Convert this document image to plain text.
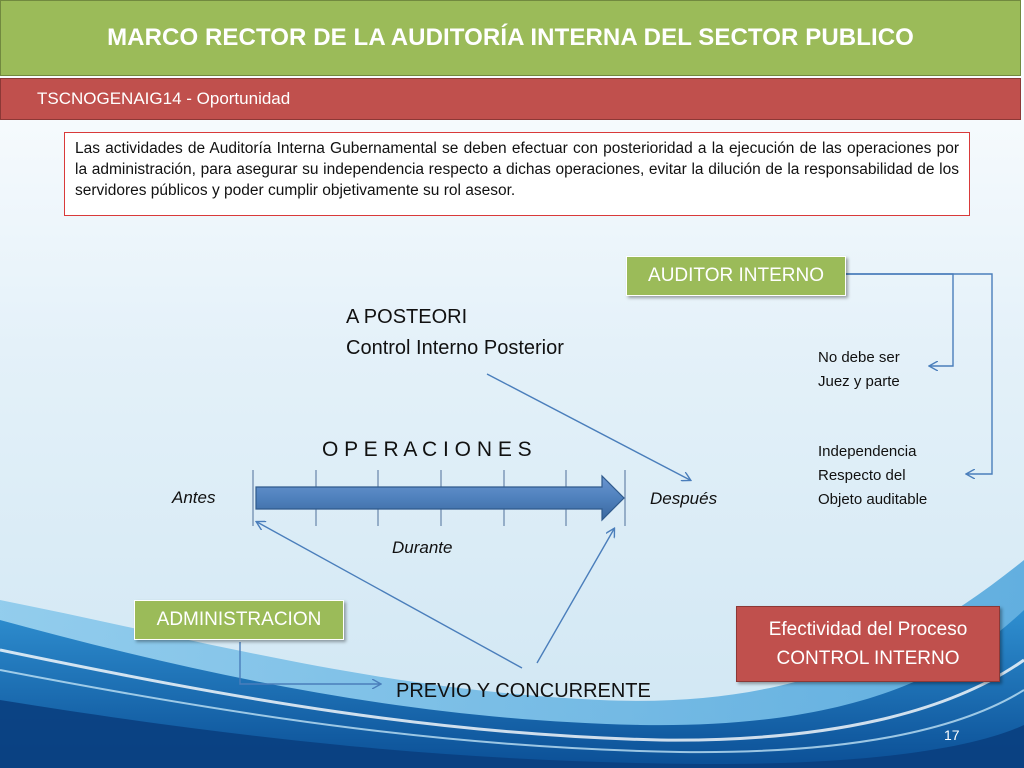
MARCO RECTOR DE LA AUDITORÍA INTERNA DEL SECTOR PUBLICO
TSCNOGENAIG14 - Oportunidad
Las actividades de Auditoría Interna Gubernamental se deben efectuar con posterioridad a la ejecución de las operaciones por la administración, para asegurar su independencia respecto a dichas operaciones, evitar la dilución de la responsabilidad de los servidores públicos y poder cumplir objetivamente su rol asesor.
AUDITOR INTERNO
A POSTEORI
Control Interno Posterior	No debe ser
Juez y parte
Independencia
Respecto del
Objeto auditable
O P E R A C I O N E S
Antes	Después
Durante
ADMINISTRACION	Efectividad del Proceso
CONTROL INTERNO
PREVIO Y CONCURRENTE
17
